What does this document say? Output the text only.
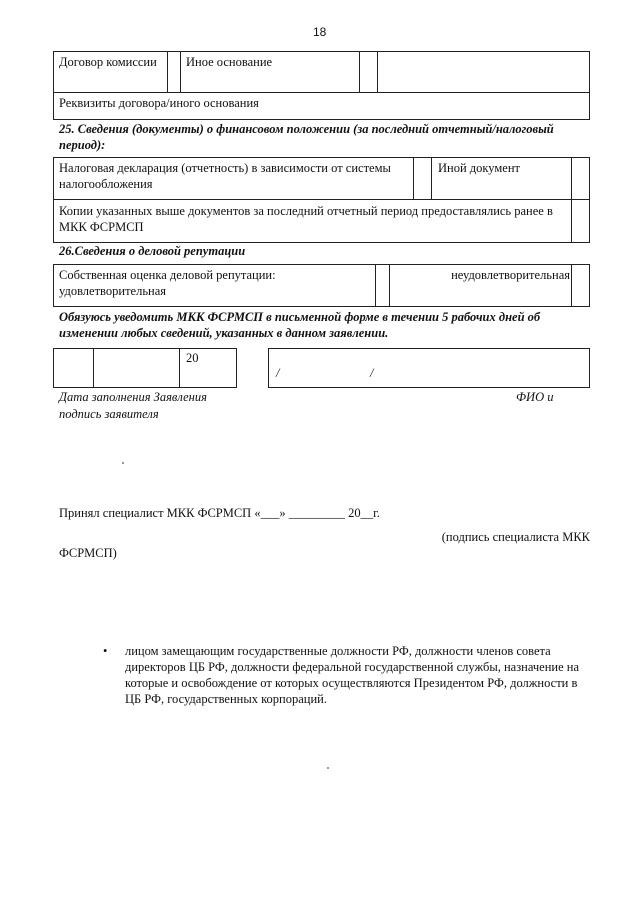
18
Договор комиссии Иное основание
Реквизиты договора/иного основания
25. Сведения (документы) о финансовом положении (за последний отчетный/налоговый период):
Налоговая декларация (отчетность) в зависимости от системы налогообложения
Иной документ
Копии указанных выше документов за последний отчетный период предоставлялись ранее в МКК ФСРМСП
26.Сведения о деловой репутации
Собственная оценка деловой репутации: удовлетворительная
неудовлетворительная
Обязуюсь уведомить МКК ФСРМСП в письменной форме в течении 5 рабочих дней об изменении любых сведений, указанных в данном заявлении.
20
/	/
Дата заполнения Заявления	ФИО и
подпись заявителя
Принял специалист МКК ФСРМСП «___» _________ 20__г.
(подпись специалиста МКК
ФСРМСП)
• лицом замещающим государственные должности РФ, должности членов совета директоров ЦБ РФ, должности федеральной государственной службы, назначение на которые и освобождение от которых осуществляются Президентом РФ, должности в ЦБ РФ, государственных корпораций.
